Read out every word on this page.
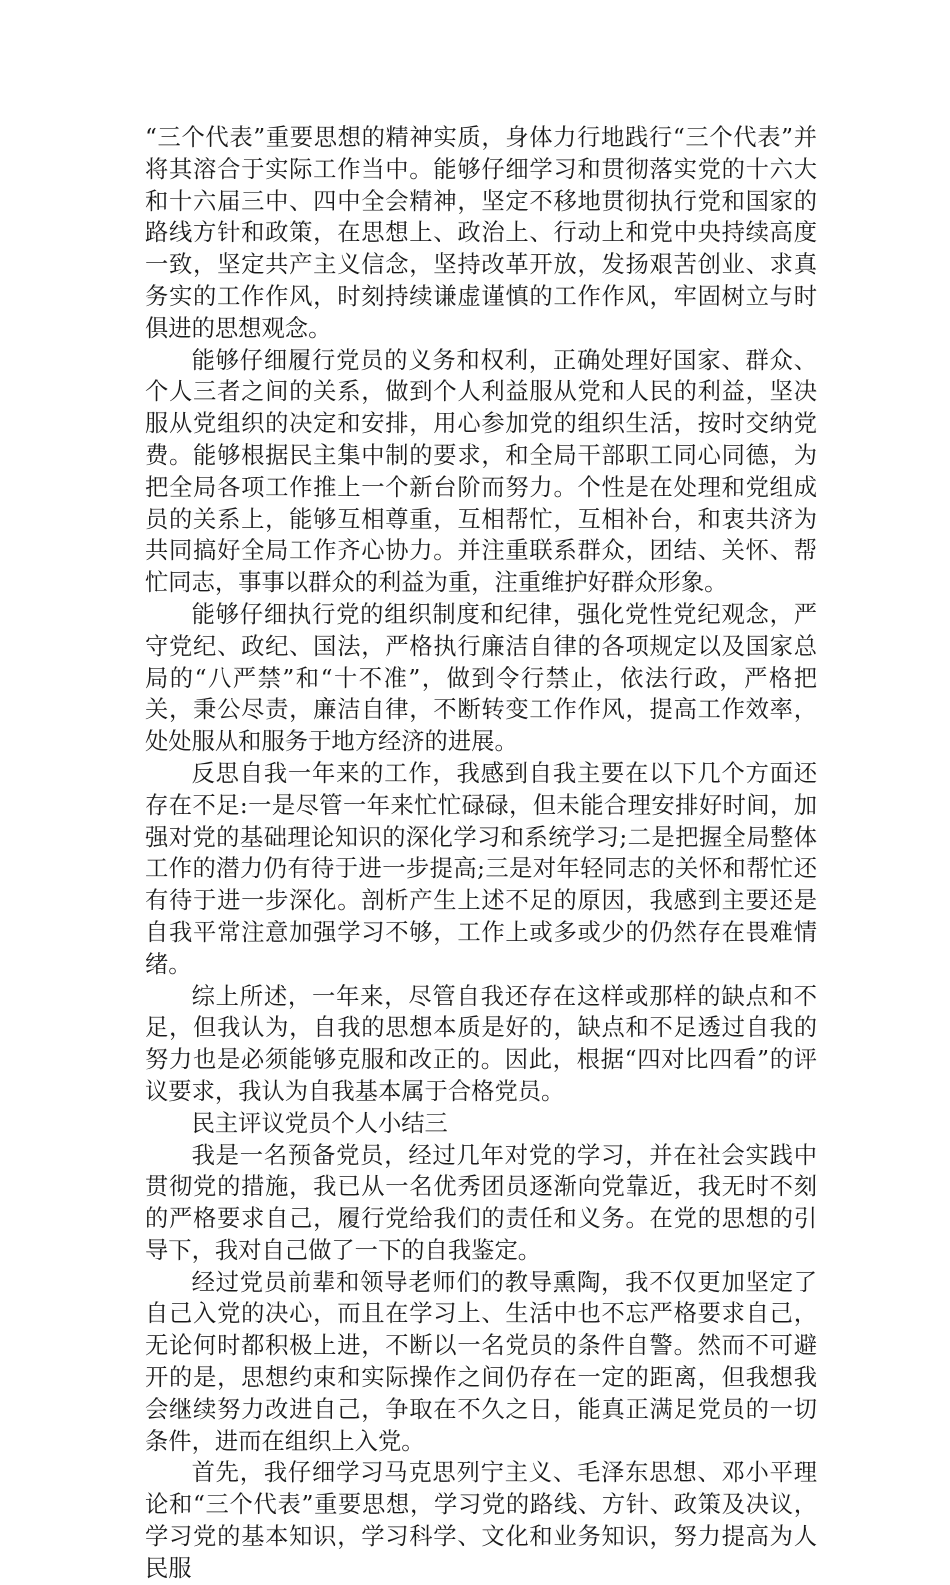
“三个代表”重要思想的精神实质，身体力行地践行“三个代表”并将其溶合于实际工作当中。能够仔细学习和贯彻落实党的十六大和十六届三中、四中全会精神，坚定不移地贯彻执行党和国家的路线方针和政策，在思想上、政治上、行动上和党中央持续高度一致，坚定共产主义信念，坚持改革开放，发扬艰苦创业、求真务实的工作作风，时刻持续谦虚谨慎的工作作风，牢固树立与时俱进的思想观念。

能够仔细履行党员的义务和权利，正确处理好国家、群众、个人三者之间的关系，做到个人利益服从党和人民的利益，坚决服从党组织的决定和安排，用心参加党的组织生活，按时交纳党费。能够根据民主集中制的要求，和全局干部职工同心同德，为把全局各项工作推上一个新台阶而努力。个性是在处理和党组成员的关系上，能够互相尊重，互相帮忙，互相补台，和衷共济为共同搞好全局工作齐心协力。并注重联系群众，团结、关怀、帮忙同志，事事以群众的利益为重，注重维护好群众形象。

能够仔细执行党的组织制度和纪律，强化党性党纪观念，严守党纪、政纪、国法，严格执行廉洁自律的各项规定以及国家总局的“八严禁”和“十不准”，做到令行禁止，依法行政，严格把关，秉公尽责，廉洁自律，不断转变工作作风，提高工作效率，处处服从和服务于地方经济的进展。

反思自我一年来的工作，我感到自我主要在以下几个方面还存在不足:一是尽管一年来忙忙碌碌，但未能合理安排好时间，加强对党的基础理论知识的深化学习和系统学习;二是把握全局整体工作的潜力仍有待于进一步提高;三是对年轻同志的关怀和帮忙还有待于进一步深化。剖析产生上述不足的原因，我感到主要还是自我平常注意加强学习不够，工作上或多或少的仍然存在畏难情绪。

综上所述，一年来，尽管自我还存在这样或那样的缺点和不足，但我认为，自我的思想本质是好的，缺点和不足透过自我的努力也是必须能够克服和改正的。因此，根据“四对比四看”的评议要求，我认为自我基本属于合格党员。

民主评议党员个人小结三

我是一名预备党员，经过几年对党的学习，并在社会实践中贯彻党的措施，我已从一名优秀团员逐渐向党靠近，我无时不刻的严格要求自己，履行党给我们的责任和义务。在党的思想的引导下，我对自己做了一下的自我鉴定。

经过党员前辈和领导老师们的教导熏陶，我不仅更加坚定了自己入党的决心，而且在学习上、生活中也不忘严格要求自己，无论何时都积极上进，不断以一名党员的条件自警。然而不可避开的是，思想约束和实际操作之间仍存在一定的距离，但我想我会继续努力改进自己，争取在不久之日，能真正满足党员的一切条件，进而在组织上入党。

首先，我仔细学习马克思列宁主义、毛泽东思想、邓小平理论和“三个代表”重要思想，学习党的路线、方针、政策及决议，学习党的基本知识，学习科学、文化和业务知识，努力提高为人民服
